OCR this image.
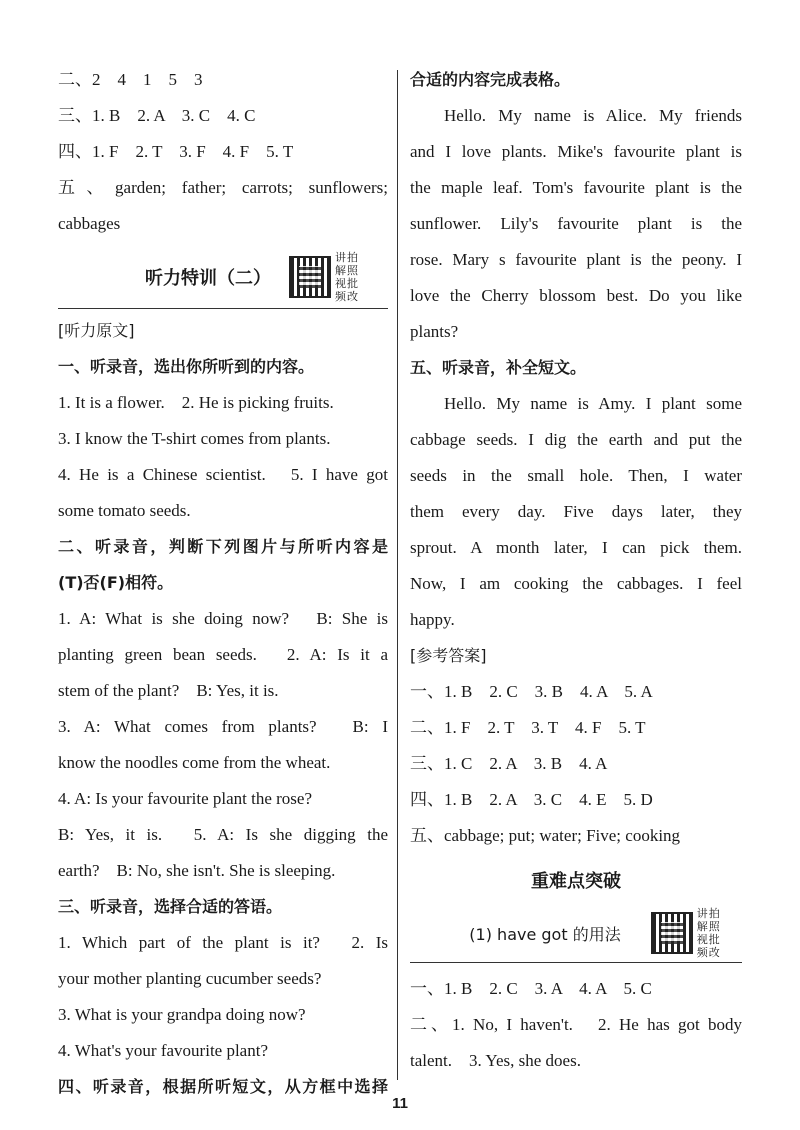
二、2　4　1　5　3

三、1. B　2. A　3. C　4. C

四、1. F　2. T　3. F　4. F　5. T

五、garden; father; carrots; sunflowers;

cabbages

听力特训（二）
讲拍解照视批频改

[听力原文]

一、听录音，选出你所听到的内容。

1. It is a flower.　2. He is picking fruits.

3. I know the T-shirt comes from plants.

4. He is a Chinese scientist.　5. I have got

some tomato seeds.

二、听录音，判断下列图片与所听内容是

(T)否(F)相符。

1. A: What is she doing now?　B: She is

planting green bean seeds.　2. A: Is it a

stem of the plant?　B: Yes, it is.

3. A: What comes from plants?　B: I

know the noodles come from the wheat.

4. A: Is your favourite plant the rose?

B: Yes, it is.　5. A: Is she digging the

earth?　B: No, she isn't. She is sleeping.

三、听录音，选择合适的答语。

1. Which part of the plant is it?　2. Is

your mother planting cucumber seeds?

3. What is your grandpa doing now?

4. What's your favourite plant?

四、听录音，根据所听短文，从方框中选择

合适的内容完成表格。

Hello. My name is Alice. My friends

and I love plants. Mike's favourite plant is

the maple leaf. Tom's favourite plant is the

sunflower. Lily's favourite plant is the

rose. Mary s favourite plant is the peony. I

love the Cherry blossom best. Do you like

plants?

五、听录音，补全短文。

Hello. My name is Amy. I plant some

cabbage seeds. I dig the earth and put the

seeds in the small hole. Then, I water

them every day. Five days later, they

sprout. A month later, I can pick them.

Now, I am cooking the cabbages. I feel

happy.

[参考答案]

一、1. B　2. C　3. B　4. A　5. A

二、1. F　2. T　3. T　4. F　5. T

三、1. C　2. A　3. B　4. A

四、1. B　2. A　3. C　4. E　5. D

五、cabbage; put; water; Five; cooking

重难点突破

(1) have got 的用法
讲拍解照视批频改

一、1. B　2. C　3. A　4. A　5. C

二、1. No, I haven't.　2. He has got body

talent.　3. Yes, she does.

11
